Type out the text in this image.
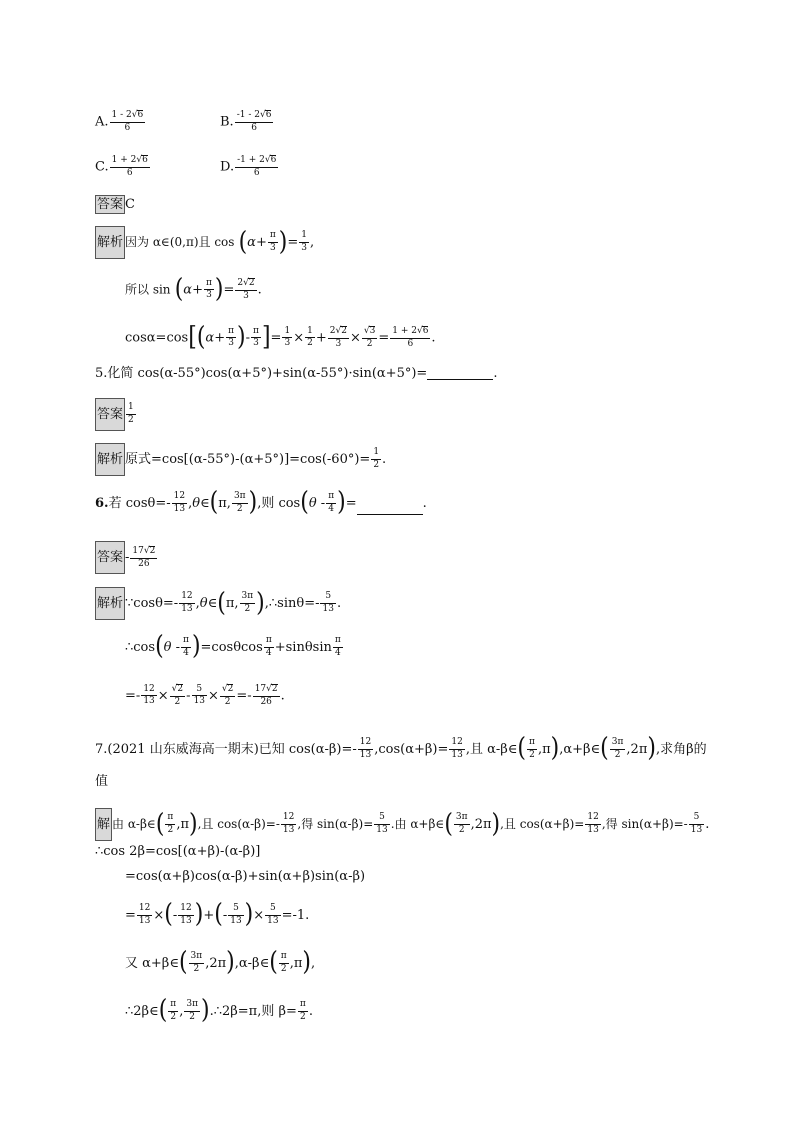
A. $\frac{1 - 2√6}{6}$	B. $\frac{-1 - 2√6}{6}$
C. $\frac{1 + 2√6}{6}$	D. $\frac{-1 + 2√6}{6}$
答案 C
解析 因为 α∈(0,π)且 $\cos (\alpha+ \frac{\pi}{3}$ )= $\frac{1}{3}$ ,
所以 $\sin (\alpha+ \frac{\pi}{3}$ )= $\frac{2√2}{3}$ .
$\cos\alpha=\cos[(\alpha+ \frac{\pi}{3}$ )- $\frac{\pi}{3}$ ]= $\frac{1}{3} \times \frac{1}{2} + \frac{2√2}{3} \times \frac{√3}{2} = \frac{1 + 2√6}{6}$ .
5.化简 cos(α-55°)cos(α+5°)+sin(α-55°)·sin(α+5°)=	.
答案 $\frac{1}{2}$
解析 原式$=\cos[(\alpha-55^\circ)-(\alpha+5^\circ)]=\cos(-60^\circ)= \frac{1}{2}$ .
6.若 $\cos\theta=- \frac{12}{13}$ ,θ∈(π, $\frac{3\pi}{2}$ ),则 $\cos(\theta - \frac{\pi}{4}$ )=	.
答案 - $\frac{17√2}{26}$
解析 ∵cosθ=- $\frac{12}{13}$ ,θ∈(π, $\frac{3\pi}{2}$ ),∴sinθ=- $\frac{5}{13}$ .
∴cos(θ - $\frac{\pi}{4} )=\cos\theta\cos \frac{\pi}{4} +\sin\theta\sin \frac{\pi}{4}$
=- $\frac{12}{13} \times \frac{√2}{2} - \frac{5}{13} \times \frac{√2}{2} =- \frac{17√2}{26}$ .
7.(2021 山东威海高一期末)已知 $\cos(\alpha-\beta)=- \frac{12}{13} ,\cos(\alpha+\beta)= \frac{12}{13}$ ,且 α-β∈( $\frac{\pi}{2}$ ,π),α+β∈( $\frac{3\pi}{2} ,2\pi$),求角β的
值
解 由 α-β∈( $\frac{\pi}{2} ,\pi$),且 $\cos(\alpha-\beta)=- \frac{12}{13}$ ,得 $\sin(\alpha-\beta)= \frac{5}{13}$ .由 α+β∈( $\frac{3\pi}{2} ,2\pi$),且 $\cos(\alpha+\beta)= \frac{12}{13}$ ,得 $\sin(\alpha+\beta)=- \frac{5}{13}$ .
∴cos 2β=cos[(α+β)-(α-β)]
=cos(α+β)cos(α-β)+sin(α+β)sin(α-β)
= $\frac{12}{13}$ ×(- $\frac{12}{13}$ )+(- $\frac{5}{13}$ )× $\frac{5}{13} =-1$.
又 α+β∈( $\frac{3\pi}{2}$ ,2π),α-β∈( $\frac{\pi}{2} ,\pi$),
∴2β∈( $\frac{\pi}{2}$ , $\frac{3\pi}{2}$ ).∴2β=π,则 $\beta= \frac{\pi}{2}$ .
